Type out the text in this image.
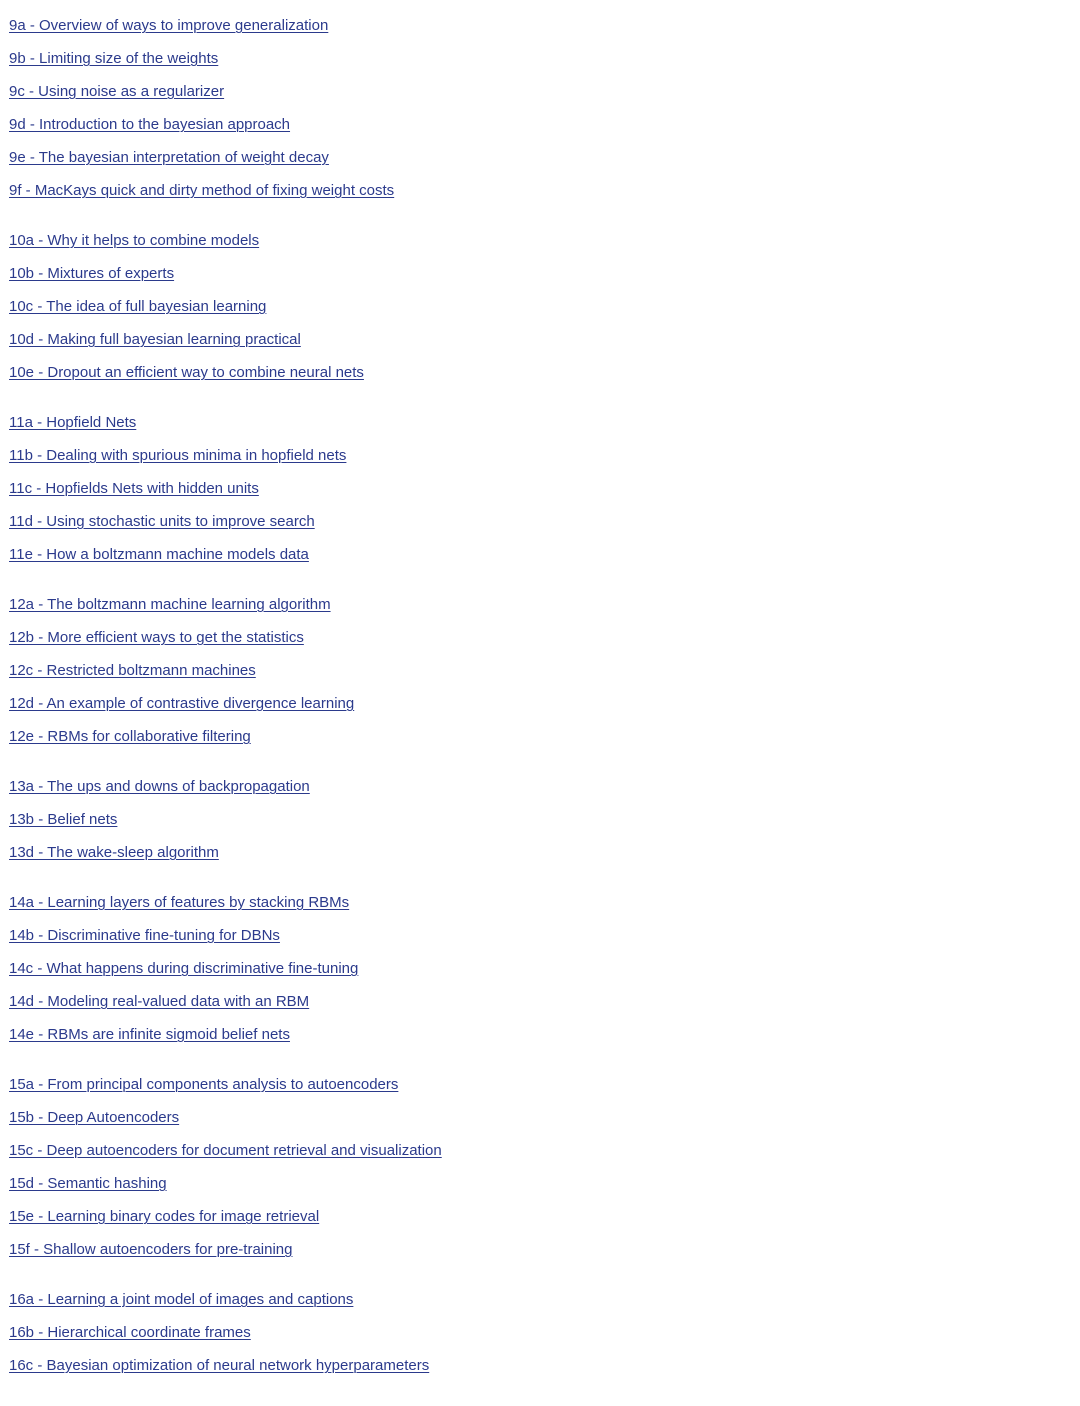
9a - Overview of ways to improve generalization
9b - Limiting size of the weights
9c - Using noise as a regularizer
9d - Introduction to the bayesian approach
9e - The bayesian interpretation of weight decay
9f - MacKays quick and dirty method of fixing weight costs
10a - Why it helps to combine models
10b - Mixtures of experts
10c - The idea of full bayesian learning
10d - Making full bayesian learning practical
10e - Dropout an efficient way to combine neural nets
11a - Hopfield Nets
11b - Dealing with spurious minima in hopfield nets
11c - Hopfields Nets with hidden units
11d - Using stochastic units to improve search
11e - How a boltzmann machine models data
12a - The boltzmann machine learning algorithm
12b - More efficient ways to get the statistics
12c - Restricted boltzmann machines
12d - An example of contrastive divergence learning
12e - RBMs for collaborative filtering
13a - The ups and downs of backpropagation
13b - Belief nets
13d - The wake-sleep algorithm
14a - Learning layers of features by stacking RBMs
14b - Discriminative fine-tuning for DBNs
14c - What happens during discriminative fine-tuning
14d - Modeling real-valued data with an RBM
14e - RBMs are infinite sigmoid belief nets
15a - From principal components analysis to autoencoders
15b - Deep Autoencoders
15c - Deep autoencoders for document retrieval and visualization
15d - Semantic hashing
15e - Learning binary codes for image retrieval
15f - Shallow autoencoders for pre-training
16a - Learning a joint model of images and captions
16b - Hierarchical coordinate frames
16c - Bayesian optimization of neural network hyperparameters
